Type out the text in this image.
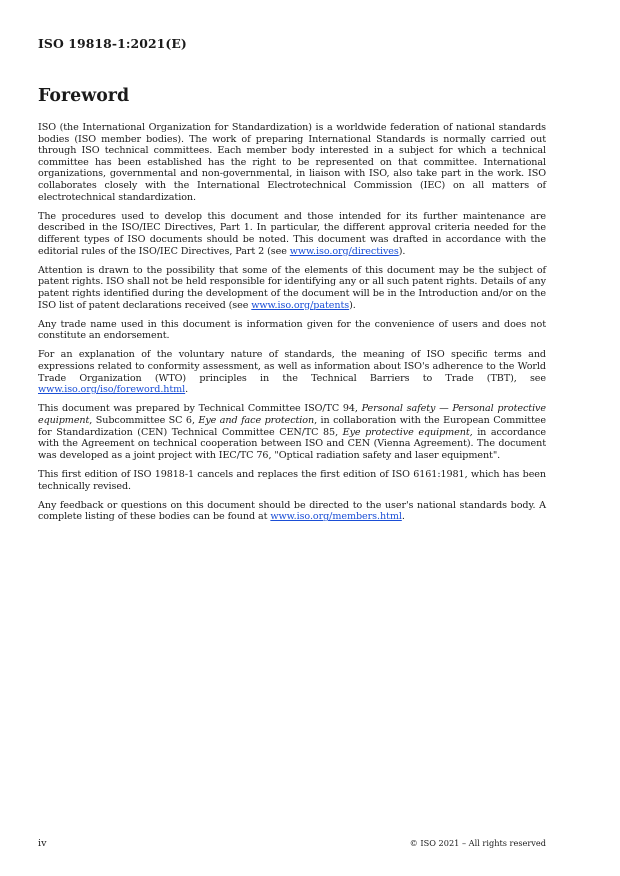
ISO 19818-1:2021(E)
Foreword

ISO (the International Organization for Standardization) is a worldwide federation of national standards bodies (ISO member bodies). The work of preparing International Standards is normally carried out through ISO technical committees. Each member body interested in a subject for which a technical committee has been established has the right to be represented on that committee. International organizations, governmental and non-governmental, in liaison with ISO, also take part in the work. ISO collaborates closely with the International Electrotechnical Commission (IEC) on all matters of electrotechnical standardization.

The procedures used to develop this document and those intended for its further maintenance are described in the ISO/IEC Directives, Part 1. In particular, the different approval criteria needed for the different types of ISO documents should be noted. This document was drafted in accordance with the editorial rules of the ISO/IEC Directives, Part 2 (see www.iso.org/directives).

Attention is drawn to the possibility that some of the elements of this document may be the subject of patent rights. ISO shall not be held responsible for identifying any or all such patent rights. Details of any patent rights identified during the development of the document will be in the Introduction and/or on the ISO list of patent declarations received (see www.iso.org/patents).

Any trade name used in this document is information given for the convenience of users and does not constitute an endorsement.

For an explanation of the voluntary nature of standards, the meaning of ISO specific terms and expressions related to conformity assessment, as well as information about ISO's adherence to the World Trade Organization (WTO) principles in the Technical Barriers to Trade (TBT), see www.iso.org/iso/foreword.html.

This document was prepared by Technical Committee ISO/TC 94, Personal safety — Personal protective equipment, Subcommittee SC 6, Eye and face protection, in collaboration with the European Committee for Standardization (CEN) Technical Committee CEN/TC 85, Eye protective equipment, in accordance with the Agreement on technical cooperation between ISO and CEN (Vienna Agreement). The document was developed as a joint project with IEC/TC 76, "Optical radiation safety and laser equipment".

This first edition of ISO 19818-1 cancels and replaces the first edition of ISO 6161:1981, which has been technically revised.

Any feedback or questions on this document should be directed to the user's national standards body. A complete listing of these bodies can be found at www.iso.org/members.html.

iv	© ISO 2021 – All rights reserved
